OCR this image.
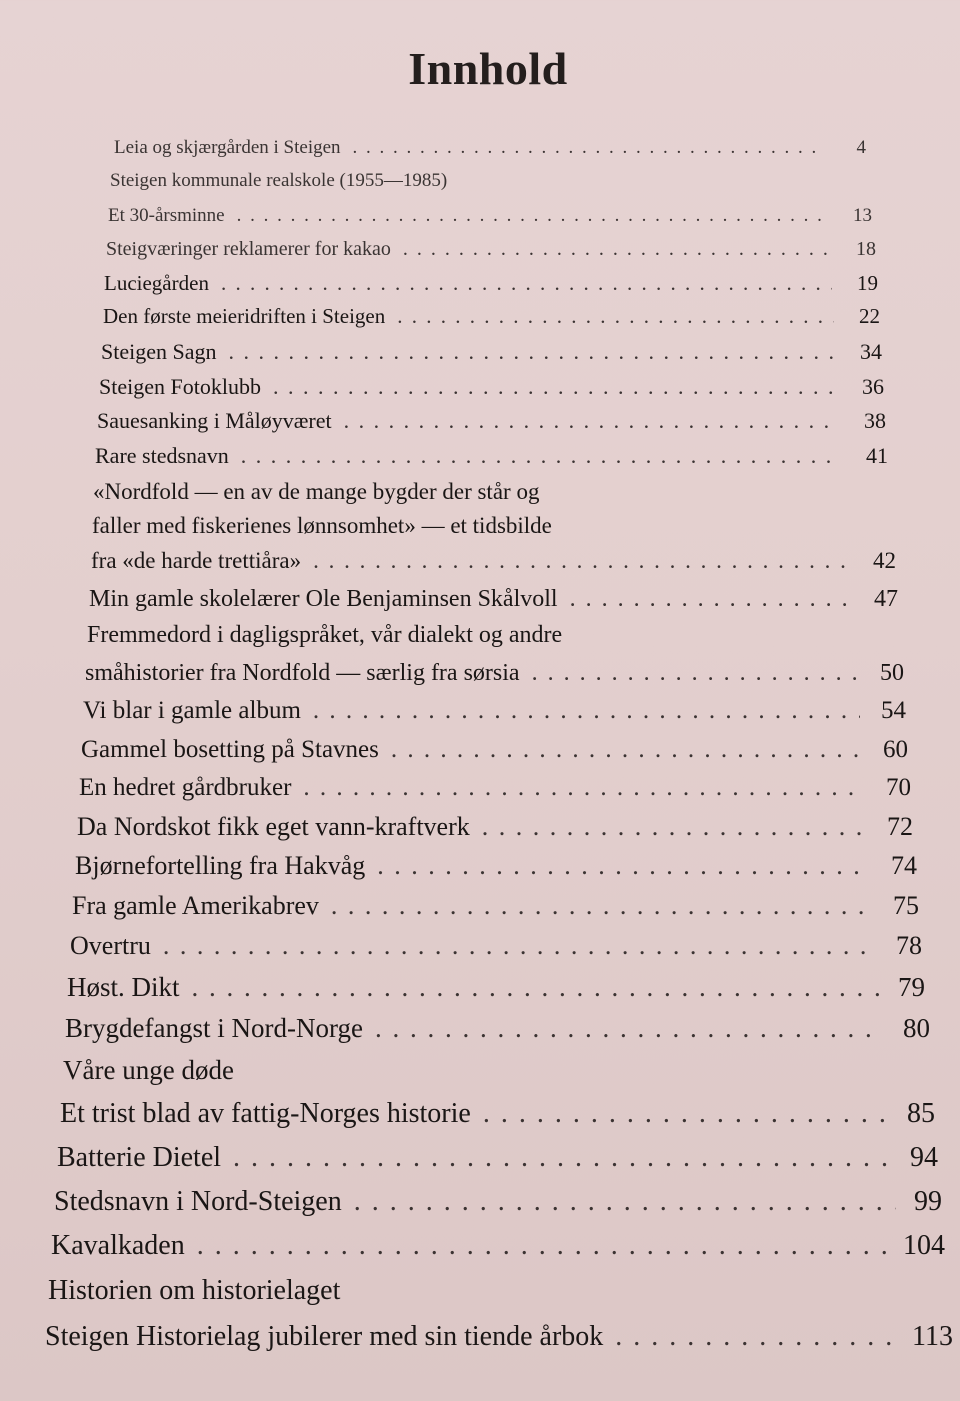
Innhold
Leia og skjærgården i Steigen . . .	4
Steigen kommunale realskole (1955—1985)
Et 30-årsminne . . .	13
Steigværinger reklamerer for kakao . . .	18
Luciegården . . .	19
Den første meieridriften i Steigen . . .	22
Steigen Sagn . . .	34
Steigen Fotoklubb . . .	36
Sauesanking i Måløyværet . . .	38
Rare stedsnavn . . .	41
«Nordfold — en av de mange bygder der står og
faller med fiskerienes lønnsomhet» — et tidsbilde
fra «de harde trettiåra» . . .	42
Min gamle skolelærer Ole Benjaminsen Skålvoll . . .	47
Fremmedord i dagligspråket, vår dialekt og andre
småhistorier fra Nordfold — særlig fra sørsia . . .	50
Vi blar i gamle album . . .	54
Gammel bosetting på Stavnes . . .	60
En hedret gårdbruker . . .	70
Da Nordskot fikk eget vann-kraftverk . . .	72
Bjørnefortelling fra Hakvåg . . .	74
Fra gamle Amerikabrev . . .	75
Overtru . . .	78
Høst. Dikt . . .	79
Brygdefangst i Nord-Norge . . .	80
Våre unge døde
Et trist blad av fattig-Norges historie . . .	85
Batterie Dietel . . .	94
Stedsnavn i Nord-Steigen . . .	99
Kavalkaden . . .	104
Historien om historielaget
Steigen Historielag jubilerer med sin tiende årbok . . .	113
